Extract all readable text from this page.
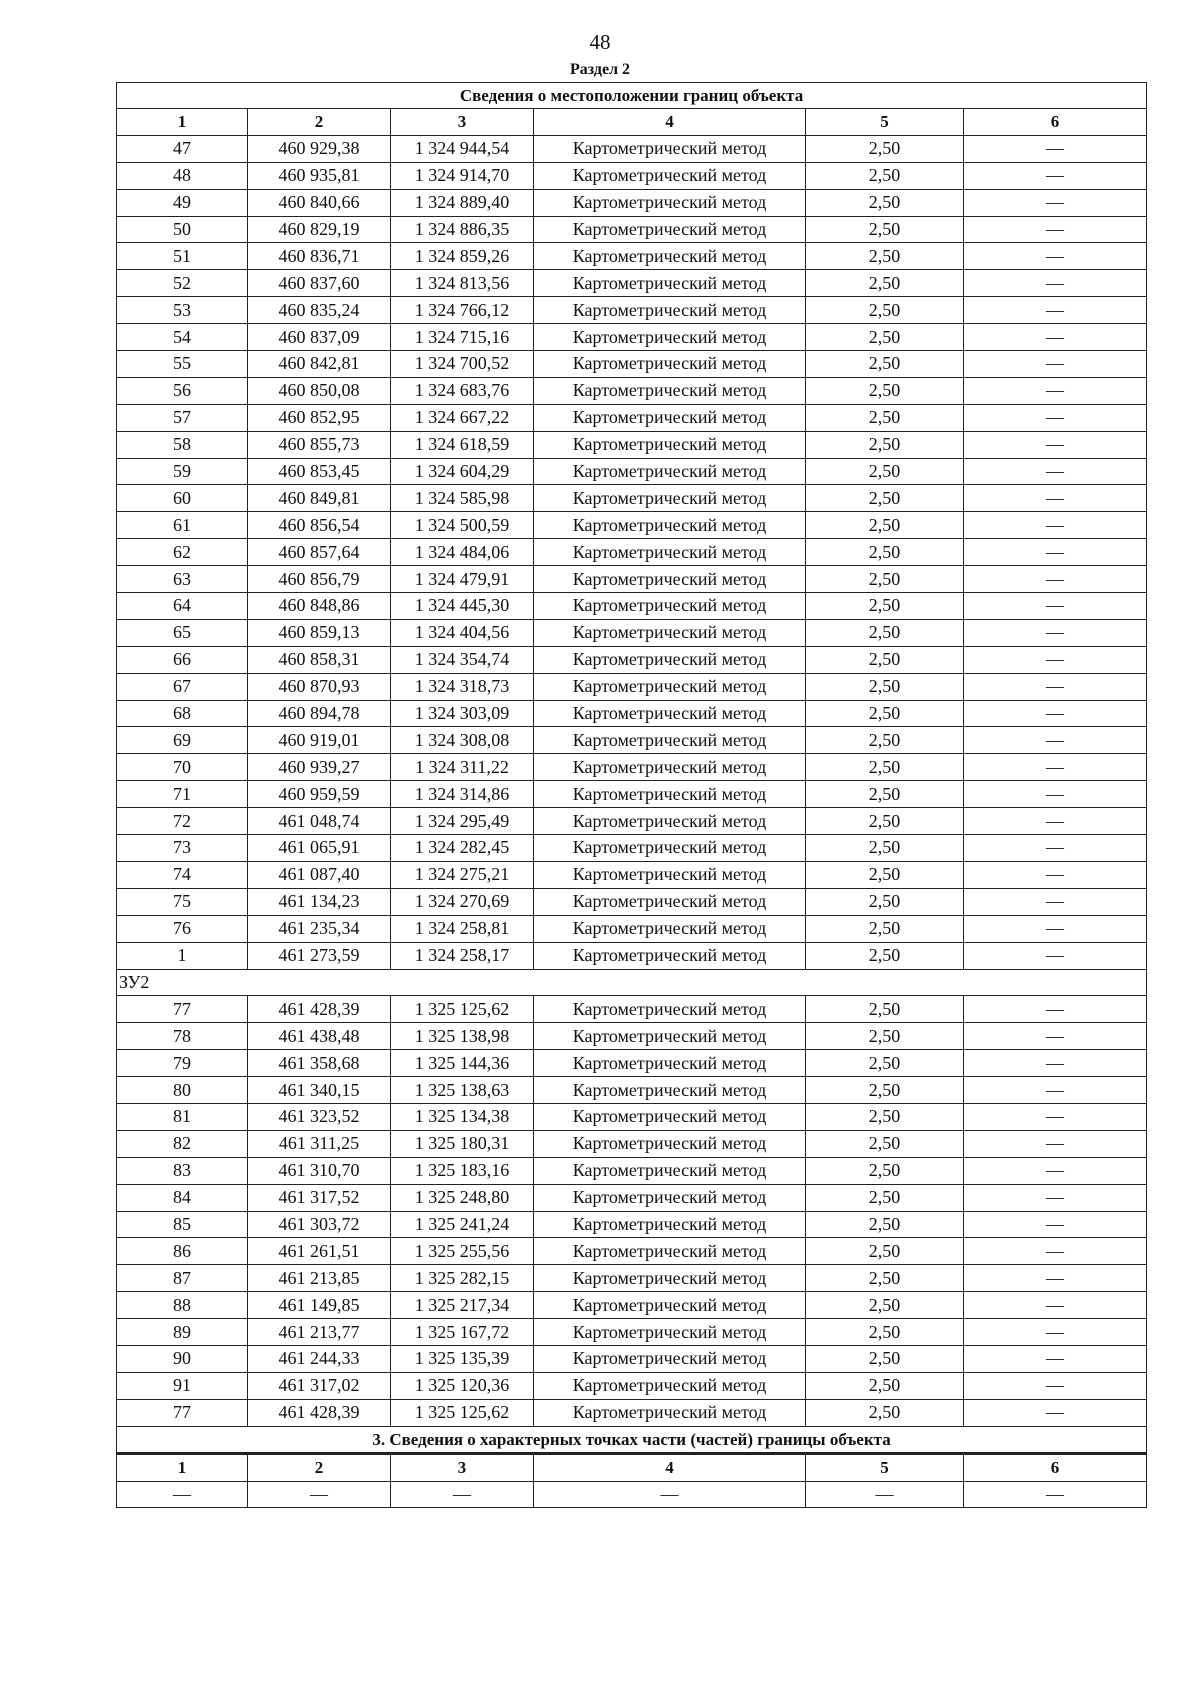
48
Раздел 2
Сведения о местоположении границ объекта					
1	2	3	4	5	6
47	460 929,38	1 324 944,54	Картометрический метод	2,50	—
48	460 935,81	1 324 914,70	Картометрический метод	2,50	—
49	460 840,66	1 324 889,40	Картометрический метод	2,50	—
50	460 829,19	1 324 886,35	Картометрический метод	2,50	—
51	460 836,71	1 324 859,26	Картометрический метод	2,50	—
52	460 837,60	1 324 813,56	Картометрический метод	2,50	—
53	460 835,24	1 324 766,12	Картометрический метод	2,50	—
54	460 837,09	1 324 715,16	Картометрический метод	2,50	—
55	460 842,81	1 324 700,52	Картометрический метод	2,50	—
56	460 850,08	1 324 683,76	Картометрический метод	2,50	—
57	460 852,95	1 324 667,22	Картометрический метод	2,50	—
58	460 855,73	1 324 618,59	Картометрический метод	2,50	—
59	460 853,45	1 324 604,29	Картометрический метод	2,50	—
60	460 849,81	1 324 585,98	Картометрический метод	2,50	—
61	460 856,54	1 324 500,59	Картометрический метод	2,50	—
62	460 857,64	1 324 484,06	Картометрический метод	2,50	—
63	460 856,79	1 324 479,91	Картометрический метод	2,50	—
64	460 848,86	1 324 445,30	Картометрический метод	2,50	—
65	460 859,13	1 324 404,56	Картометрический метод	2,50	—
66	460 858,31	1 324 354,74	Картометрический метод	2,50	—
67	460 870,93	1 324 318,73	Картометрический метод	2,50	—
68	460 894,78	1 324 303,09	Картометрический метод	2,50	—
69	460 919,01	1 324 308,08	Картометрический метод	2,50	—
70	460 939,27	1 324 311,22	Картометрический метод	2,50	—
71	460 959,59	1 324 314,86	Картометрический метод	2,50	—
72	461 048,74	1 324 295,49	Картометрический метод	2,50	—
73	461 065,91	1 324 282,45	Картометрический метод	2,50	—
74	461 087,40	1 324 275,21	Картометрический метод	2,50	—
75	461 134,23	1 324 270,69	Картометрический метод	2,50	—
76	461 235,34	1 324 258,81	Картометрический метод	2,50	—
1	461 273,59	1 324 258,17	Картометрический метод	2,50	—
ЗУ2					
77	461 428,39	1 325 125,62	Картометрический метод	2,50	—
78	461 438,48	1 325 138,98	Картометрический метод	2,50	—
79	461 358,68	1 325 144,36	Картометрический метод	2,50	—
80	461 340,15	1 325 138,63	Картометрический метод	2,50	—
81	461 323,52	1 325 134,38	Картометрический метод	2,50	—
82	461 311,25	1 325 180,31	Картометрический метод	2,50	—
83	461 310,70	1 325 183,16	Картометрический метод	2,50	—
84	461 317,52	1 325 248,80	Картометрический метод	2,50	—
85	461 303,72	1 325 241,24	Картометрический метод	2,50	—
86	461 261,51	1 325 255,56	Картометрический метод	2,50	—
87	461 213,85	1 325 282,15	Картометрический метод	2,50	—
88	461 149,85	1 325 217,34	Картометрический метод	2,50	—
89	461 213,77	1 325 167,72	Картометрический метод	2,50	—
90	461 244,33	1 325 135,39	Картометрический метод	2,50	—
91	461 317,02	1 325 120,36	Картометрический метод	2,50	—
77	461 428,39	1 325 125,62	Картометрический метод	2,50	—
3. Сведения о характерных точках части (частей) границы объекта					
1	2	3	4	5	6
—	—	—	—	—	—
